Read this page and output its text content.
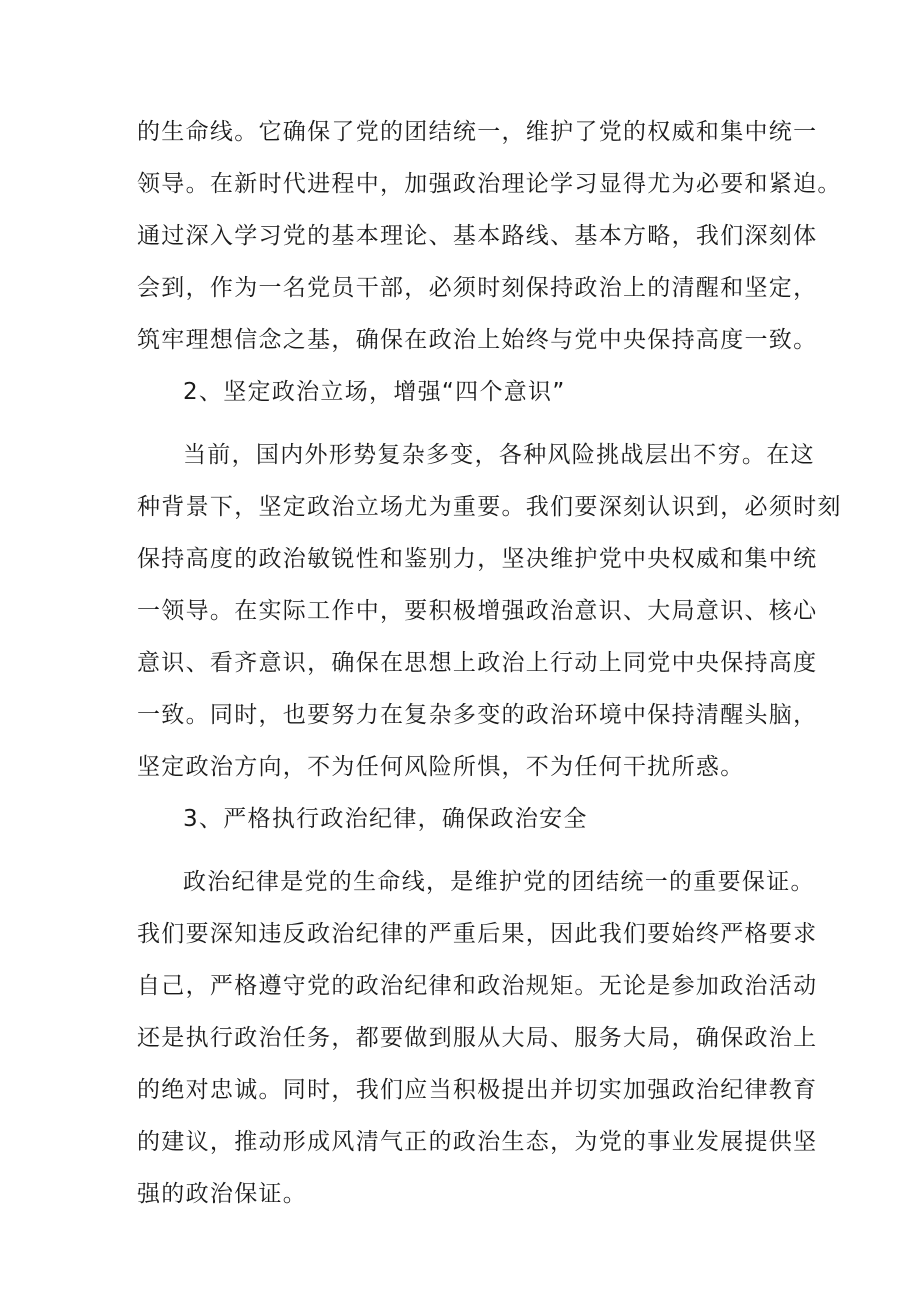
的生命线。它确保了党的团结统一，维护了党的权威和集中统一
领导。在新时代进程中，加强政治理论学习显得尤为必要和紧迫。
通过深入学习党的基本理论、基本路线、基本方略，我们深刻体
会到，作为一名党员干部，必须时刻保持政治上的清醒和坚定，
筑牢理想信念之基，确保在政治上始终与党中央保持高度一致。
2、坚定政治立场，增强“四个意识”
当前，国内外形势复杂多变，各种风险挑战层出不穷。在这
种背景下，坚定政治立场尤为重要。我们要深刻认识到，必须时刻
保持高度的政治敏锐性和鉴别力，坚决维护党中央权威和集中统
一领导。在实际工作中，要积极增强政治意识、大局意识、核心
意识、看齐意识，确保在思想上政治上行动上同党中央保持高度
一致。同时，也要努力在复杂多变的政治环境中保持清醒头脑，
坚定政治方向，不为任何风险所惧，不为任何干扰所惑。
3、严格执行政治纪律，确保政治安全
政治纪律是党的生命线，是维护党的团结统一的重要保证。
我们要深知违反政治纪律的严重后果，因此我们要始终严格要求
自己，严格遵守党的政治纪律和政治规矩。无论是参加政治活动
还是执行政治任务，都要做到服从大局、服务大局，确保政治上
的绝对忠诚。同时，我们应当积极提出并切实加强政治纪律教育
的建议，推动形成风清气正的政治生态，为党的事业发展提供坚
强的政治保证。
